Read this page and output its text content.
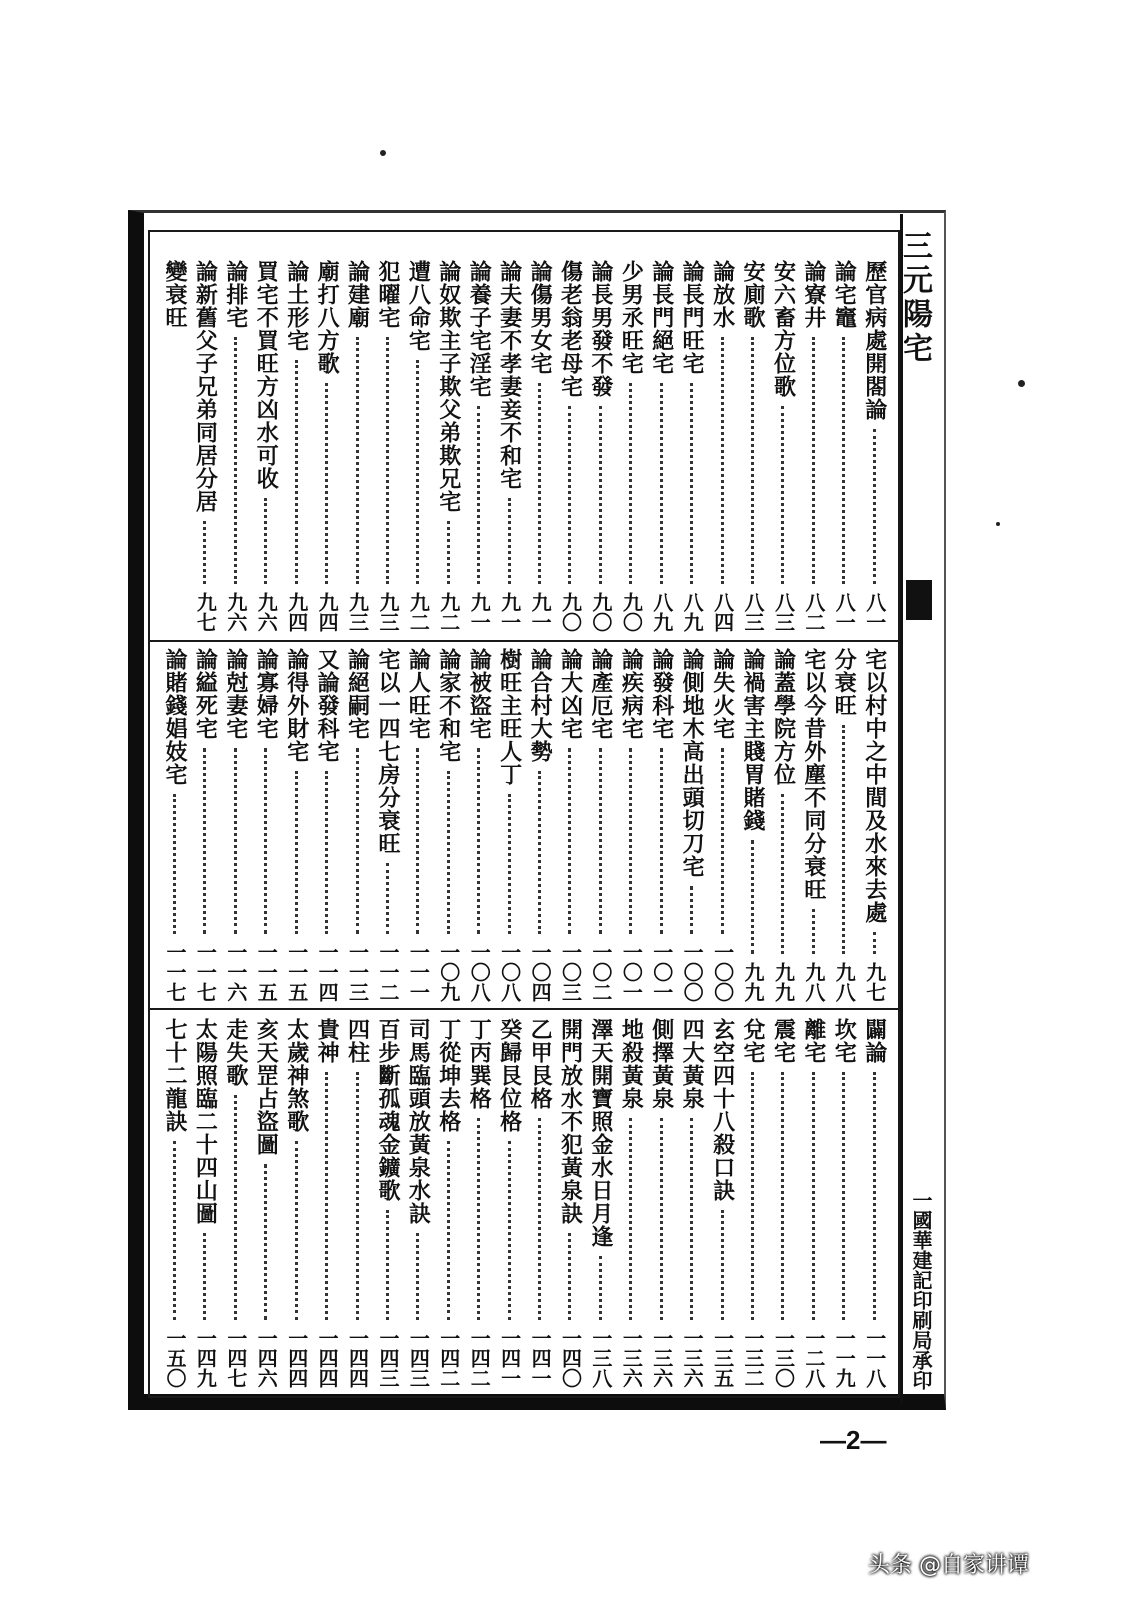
三元陽宅
一國華建記印刷局承印
歷官病處開閤論
八一
論宅竈
八一
論寮井
八二
安六畜方位歌
八三
安廁歌
八三
論放水
八四
論長門旺宅
八九
論長門絕宅
八九
少男氶旺宅
九〇
論長男發不發
九〇
傷老翁老母宅
九〇
論傷男女宅
九一
論夫妻不孝妻妾不和宅
九一
論養子宅淫宅
九一
論奴欺主子欺父弟欺兄宅
九二
遭八命宅
九二
犯曜宅
九三
論建廟
九三
廟打八方歌
九四
論土形宅
九四
買宅不買旺方凶水可收
九六
論排宅
九六
論新舊父子兄弟同居分居
九七
變衰旺
宅以村中之中間及水來去處
九七
分衰旺
九八
宅以今昔外塵不同分衰旺
九八
論蓋學院方位
九九
論禍害主賤胃賭錢
九九
論失火宅
一〇〇
論側地木高出頭切刀宅
一〇〇
論發科宅
一〇一
論疾病宅
一〇一
論產厄宅
一〇二
論大凶宅
一〇三
論合村大勢
一〇四
樹旺主旺人丁
一〇八
論被盜宅
一〇八
論家不和宅
一〇九
論人旺宅
一一一
宅以一四七房分衰旺
一一二
論絕嗣宅
一一三
又論發科宅
一一四
論得外財宅
一一五
論寡婦宅
一一五
論尅妻宅
一一六
論縊死宅
一一七
論賭錢娼妓宅
一一七
闢論
一一八
坎宅
一一九
離宅
一二八
震宅
一三〇
兌宅
一三二
玄空四十八殺口訣
一三五
四大黃泉
一三六
側擇黃泉
一三六
地殺黃泉
一三六
澤天開寶照金水日月逢
一三八
開門放水不犯黃泉訣
一四〇
乙甲艮格
一四一
癸歸艮位格
一四一
丁丙巽格
一四二
丁從坤去格
一四二
司馬臨頭放黃泉水訣
一四三
百步斷孤魂金鑛歌
一四三
四柱
一四四
貴神
一四四
太歲神煞歌
一四四
亥天罡占盜圖
一四六
走失歌
一四七
太陽照臨二十四山圖
一四九
七十二龍訣
一五〇
—2—
头条 @自家讲谭
